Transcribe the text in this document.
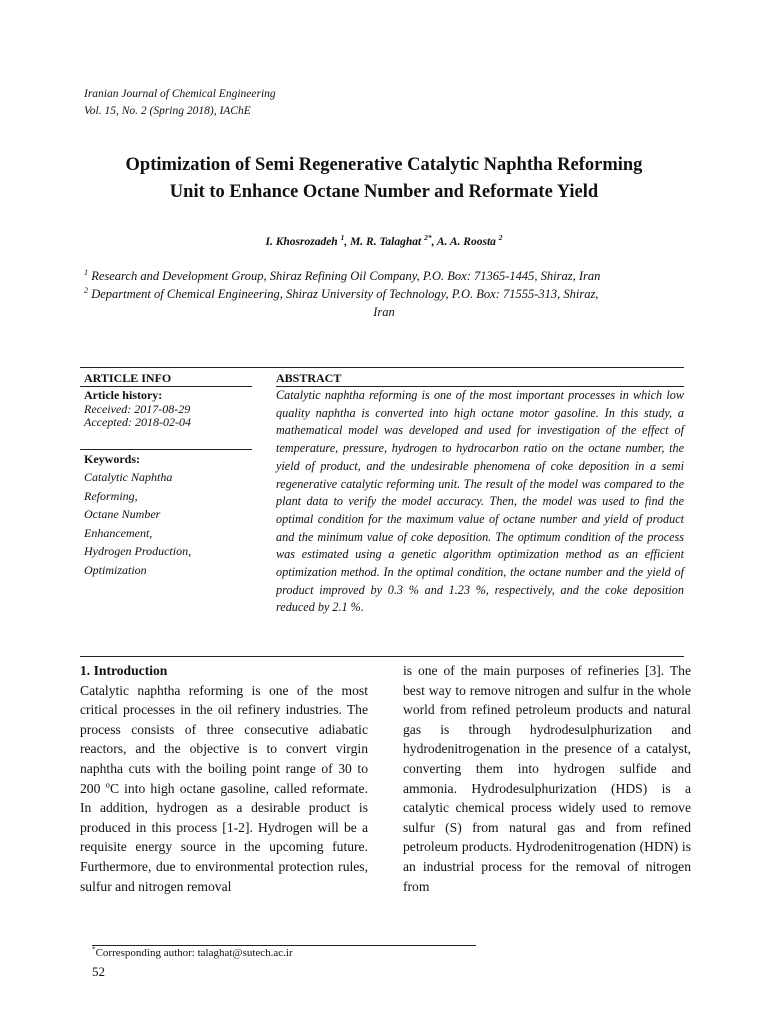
Iranian Journal of Chemical Engineering
Vol. 15, No. 2 (Spring 2018), IAChE
Optimization of Semi Regenerative Catalytic Naphtha Reforming
Unit to Enhance Octane Number and Reformate Yield
I. Khosrozadeh $^1$, M. R. Talaghat $^{2*}$, A. A. Roosta $^2$
$^1$ Research and Development Group, Shiraz Refining Oil Company, P.O. Box: 71365-1445, Shiraz, Iran
$^2$ Department of Chemical Engineering, Shiraz University of Technology, P.O. Box: 71555-313, Shiraz,
Iran
ARTICLE INFO	ABSTRACT
Article history:
Received: 2017-08-29
Accepted: 2018-02-04
Keywords:
Catalytic Naphtha
Reforming,
Octane Number
Enhancement,
Hydrogen Production,
Optimization
Catalytic naphtha reforming is one of the most important processes in which low quality naphtha is converted into high octane motor gasoline. In this study, a mathematical model was developed and used for investigation of the effect of temperature, pressure, hydrogen to hydrocarbon ratio on the octane number, the yield of product, and the undesirable phenomena of coke deposition in a semi regenerative catalytic reforming unit. The result of the model was compared to the plant data to verify the model accuracy. Then, the model was used to find the optimal condition for the maximum value of octane number and yield of product and the minimum value of coke deposition. The optimum condition of the process was estimated using a genetic algorithm optimization method as an efficient optimization method. In the optimal condition, the octane number and the yield of product improved by 0.3 % and 1.23 %, respectively, and the coke deposition reduced by 2.1 %.
1. Introduction
Catalytic naphtha reforming is one of the most critical processes in the oil refinery industries. The process consists of three consecutive adiabatic reactors, and the objective is to convert virgin naphtha cuts with the boiling point range of 30 to 200 $^o$C into high octane gasoline, called reformate. In addition, hydrogen as a desirable product is produced in this process [1-2]. Hydrogen will be a requisite energy source in the upcoming future. Furthermore, due to environmental protection rules, sulfur and nitrogen removal
is one of the main purposes of refineries [3]. The best way to remove nitrogen and sulfur in the whole world from refined petroleum products and natural gas is through hydrodesulphurization and hydrodenitrogenation in the presence of a catalyst, converting them into hydrogen sulfide and ammonia. Hydrodesulphurization (HDS) is a catalytic chemical process widely used to remove sulfur (S) from natural gas and from refined petroleum products. Hydrodenitrogenation (HDN) is an industrial process for the removal of nitrogen from
*Corresponding author: talaghat@sutech.ac.ir
52
